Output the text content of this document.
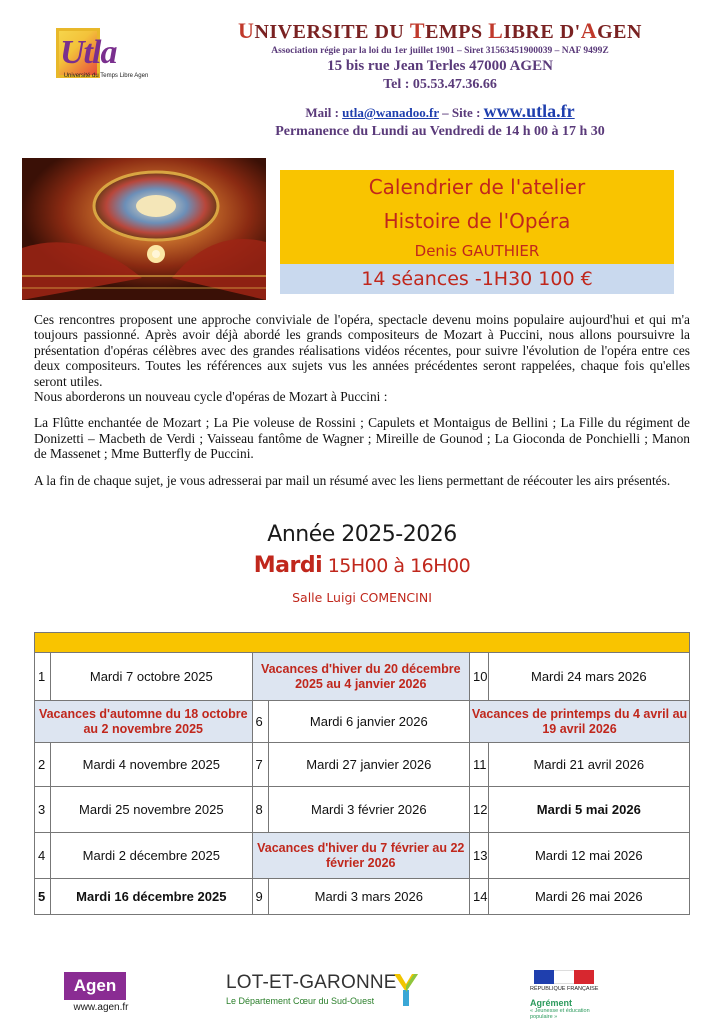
Utla
Université du Temps Libre Agen
UNIVERSITE DU TEMPS LIBRE D'AGEN
Association régie par la loi du 1er juillet 1901 – Siret 31563451900039 – NAF 9499Z
15 bis rue Jean Terles 47000 AGEN
Tel : 05.53.47.36.66
Mail : utla@wanadoo.fr – Site : www.utla.fr
Permanence du Lundi au Vendredi de 14 h 00 à 17 h 30
Calendrier de l'atelier
Histoire de l'Opéra
Denis GAUTHIER
14 séances -1H30 100 €

Ces rencontres proposent une approche conviviale de l'opéra, spectacle devenu moins populaire aujourd'hui et qui m'a toujours passionné. Après avoir déjà abordé les grands compositeurs de Mozart à Puccini, nous allons poursuivre la présentation d'opéras célèbres avec des grandes réalisations vidéos récentes, pour suivre l'évolution de l'opéra entre ces deux compositeurs. Toutes les références aux sujets vus les années précédentes seront rappelées, chaque fois qu'elles seront utiles.

Nous aborderons un nouveau cycle d'opéras de Mozart à Puccini :

La Flûtte enchantée de Mozart ; La Pie voleuse de Rossini ; Capulets et Montaigus de Bellini ; La Fille du régiment de Donizetti – Macbeth de Verdi ; Vaisseau fantôme de Wagner ; Mireille de Gounod ; La Gioconda de Ponchielli ; Manon de Massenet ; Mme Butterfly de Puccini.

A la fin de chaque sujet, je vous adresserai par mail un résumé avec les liens permettant de réécouter les airs présentés.

Année 2025-2026
Mardi 15H00 à 16H00
Salle Luigi COMENCINI

1	Mardi 7 octobre 2025	Vacances d'hiver du 20 décembre 2025 au 4 janvier 2026		10	Mardi 24 mars 2026
Vacances d'automne du 18 octobre au 2 novembre 2025		6	Mardi 6 janvier 2026	Vacances de printemps du 4 avril au 19 avril 2026	
2	Mardi 4 novembre 2025	7	Mardi 27 janvier 2026	11	Mardi 21 avril 2026
3	Mardi 25 novembre 2025	8	Mardi 3 février 2026	12	Mardi 5 mai 2026
4	Mardi 2 décembre 2025	Vacances d'hiver du 7 février au 22 février 2026		13	Mardi 12 mai 2026
5	Mardi 16 décembre 2025	9	Mardi 3 mars 2026	14	Mardi 26 mai 2026
Agen
www.agen.fr
LOT-ET-GARONNE
Le Département Cœur du Sud-Ouest
RÉPUBLIQUE FRANÇAISE
Agrément
« Jeunesse et éducation populaire »
